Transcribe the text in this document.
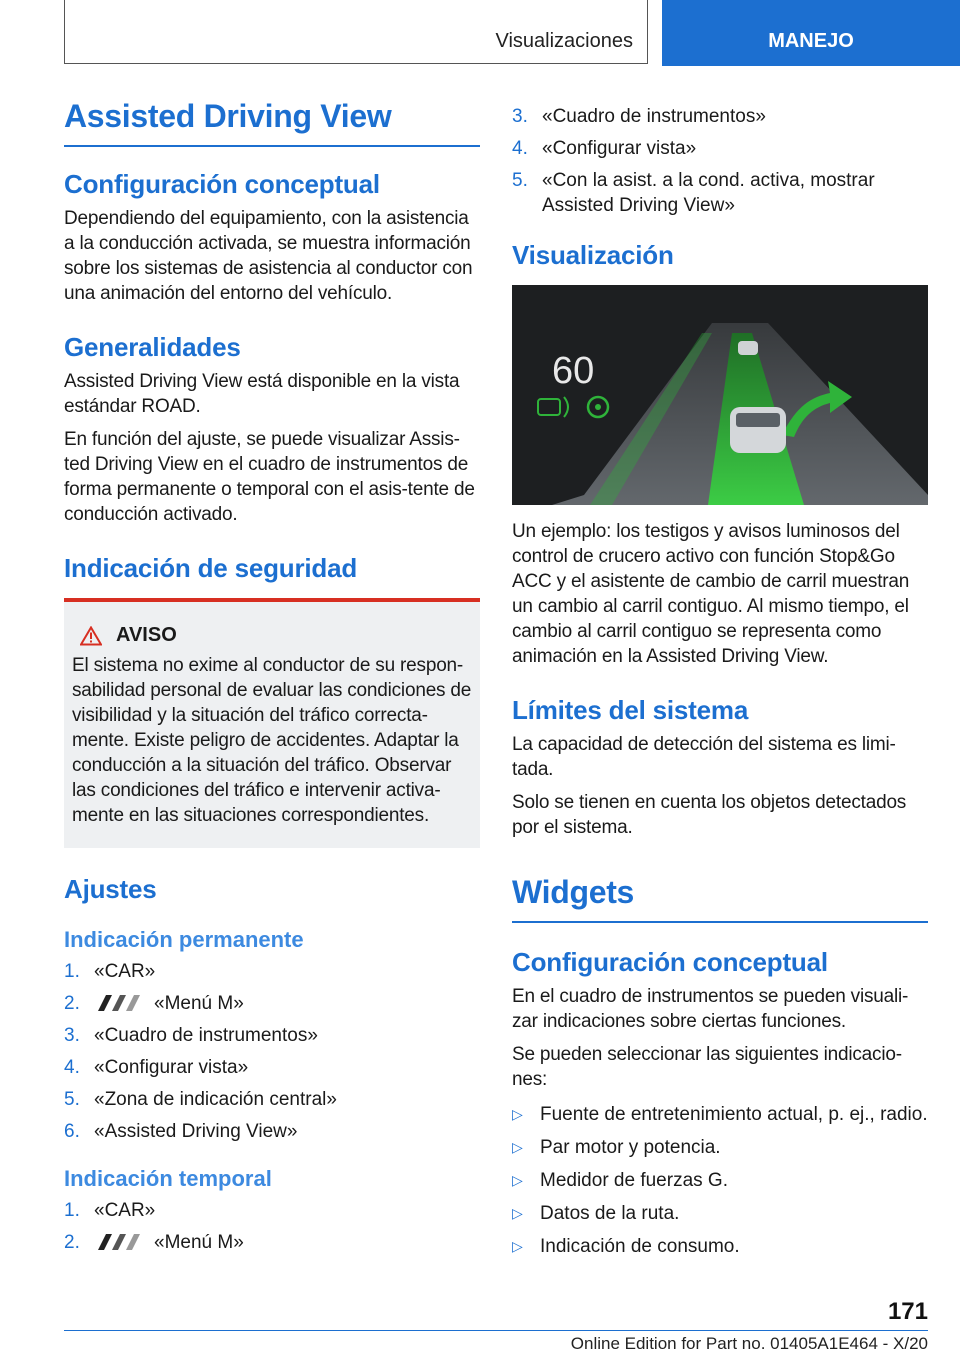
Visualizaciones	MANEJO
Assisted Driving View
Configuración conceptual

Dependiendo del equipamiento, con la asistencia a la conducción activada, se muestra información sobre los sistemas de asistencia al conductor con una animación del entorno del vehículo.

Generalidades

Assisted Driving View está disponible en la vista estándar ROAD.

En función del ajuste, se puede visualizar Assis-ted Driving View en el cuadro de instrumentos de forma permanente o temporal con el asis-tente de conducción activado.

Indicación de seguridad
AVISO

El sistema no exime al conductor de su respon-sabilidad personal de evaluar las condiciones de visibilidad y la situación del tráfico correcta-mente. Existe peligro de accidentes. Adaptar la conducción a la situación del tráfico. Observar las condiciones del tráfico e intervenir activa-mente en las situaciones correspondientes.

Ajustes
Indicación permanente
1. «CAR»
2.	«Menú M»
3. «Cuadro de instrumentos»
4. «Configurar vista»
5. «Zona de indicación central»
6. «Assisted Driving View»
Indicación temporal
1. «CAR»
2.	«Menú M»
3. «Cuadro de instrumentos»
4. «Configurar vista»
5. «Con la asist. a la cond. activa, mostrar Assisted Driving View»
Visualización
60

Un ejemplo: los testigos y avisos luminosos del control de crucero activo con función Stop&Go ACC y el asistente de cambio de carril muestran un cambio al carril contiguo. Al mismo tiempo, el cambio al carril contiguo se representa como animación en la Assisted Driving View.

Límites del sistema

La capacidad de detección del sistema es limi-tada.

Solo se tienen en cuenta los objetos detectados por el sistema.

Widgets
Configuración conceptual

En el cuadro de instrumentos se pueden visuali-zar indicaciones sobre ciertas funciones.

Se pueden seleccionar las siguientes indicacio-nes:

▷ Fuente de entretenimiento actual, p. ej., radio.
▷ Par motor y potencia.
▷ Medidor de fuerzas G.
▷ Datos de la ruta.
▷ Indicación de consumo.
171
Online Edition for Part no. 01405A1E464 - X/20
